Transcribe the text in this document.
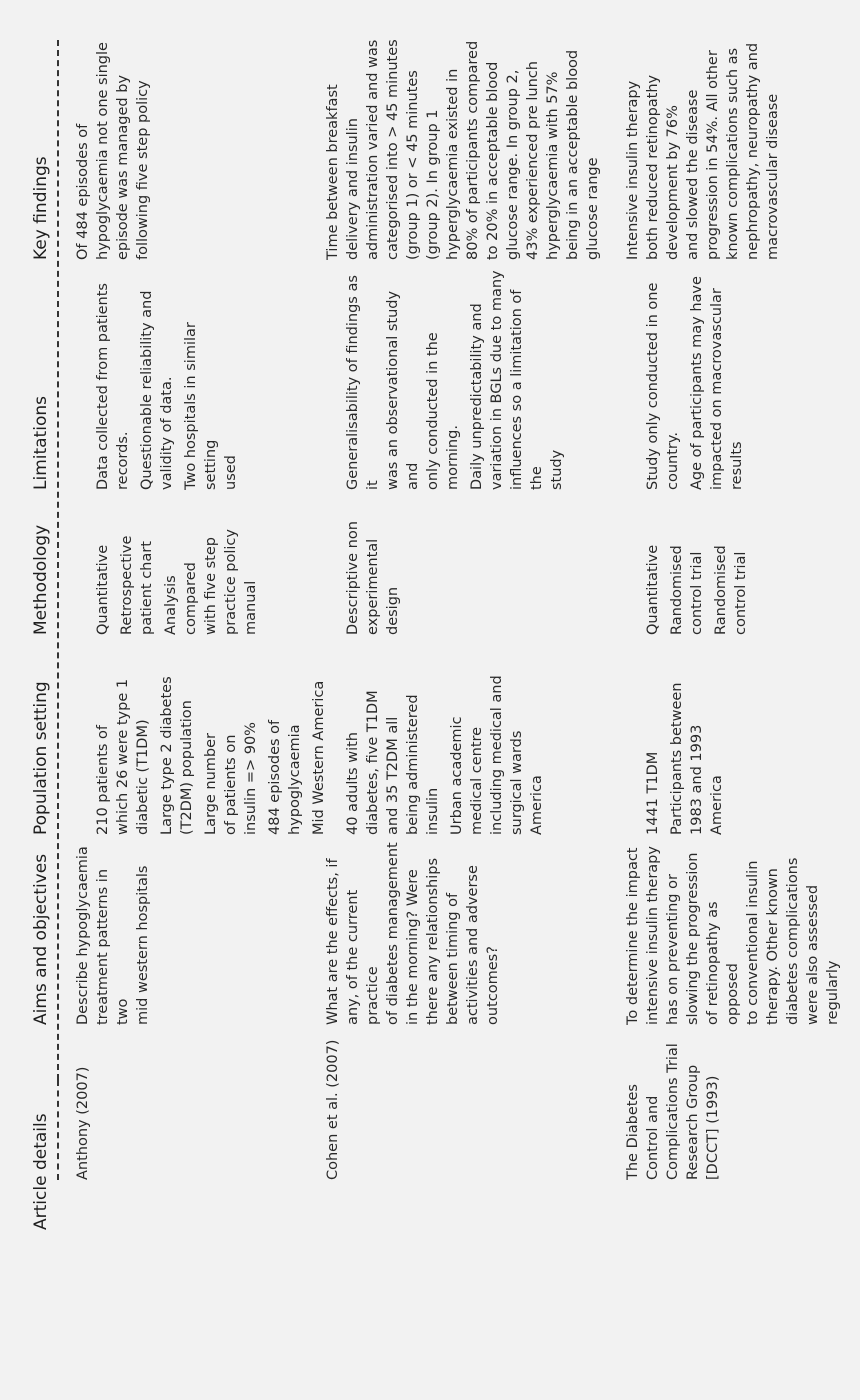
Article details
Aims and objectives
Population setting
Methodology
Limitations
Key findings
Anthony (2007)
Describe hypoglycaemia
treatment patterns in two
mid western hospitals

210 patients of
which 26 were type 1
diabetic (T1DM)
Large type 2 diabetes
(T2DM) population
Large number
of patients on
insulin => 90%
484 episodes of
hypoglycaemia Mid Western America

Quantitative Retrospective
patient chart
Analysis
compared
with five step
practice policy
manual

Data collected from patients
records. Questionable reliability and
validity of data.
Two hospitals in similar setting
used

Of 484 episodes of
hypoglycaemia not one single
episode was managed by
following five step policy
Cohen et al. (2007)
What are the effects, if
any, of the current practice
of diabetes management
in the morning? Were
there any relationships
between timing of
activities and adverse
outcomes?

40 adults with
diabetes, five T1DM
and 35 T2DM all
being administered
insulin Urban academic
medical centre
including medical and
surgical wards
America

Descriptive non
experimental
design

Generalisability of findings as it
was an observational study and
only conducted in the morning. Daily unpredictability and
variation in BGLs due to many
influences so a limitation of the
study

Time between breakfast
delivery and insulin
administration varied and was
categorised into > 45 minutes
(group 1) or < 45 minutes
(group 2). In group 1
hyperglycaemia existed in
80% of participants compared
to 20% in acceptable blood
glucose range. In group 2,
43% experienced pre lunch
hyperglycaemia with 57%
being in an acceptable blood
glucose range
The Diabetes
Control and
Complications Trial
Research Group
[DCCT] (1993)
To determine the impact
intensive insulin therapy
has on preventing or
slowing the progression
of retinopathy as opposed
to conventional insulin
therapy. Other known
diabetes complications
were also assessed
regularly

1441 T1DM Participants between
1983 and 1993
America

Quantitative Randomised
control trial Randomised
control trial

Study only conducted in one
country. Age of participants may have
impacted on macrovascular
results

Intensive insulin therapy
both reduced retinopathy
development by 76%
and slowed the disease
progression in 54%. All other
known complications such as
nephropathy, neuropathy and
macrovascular disease
